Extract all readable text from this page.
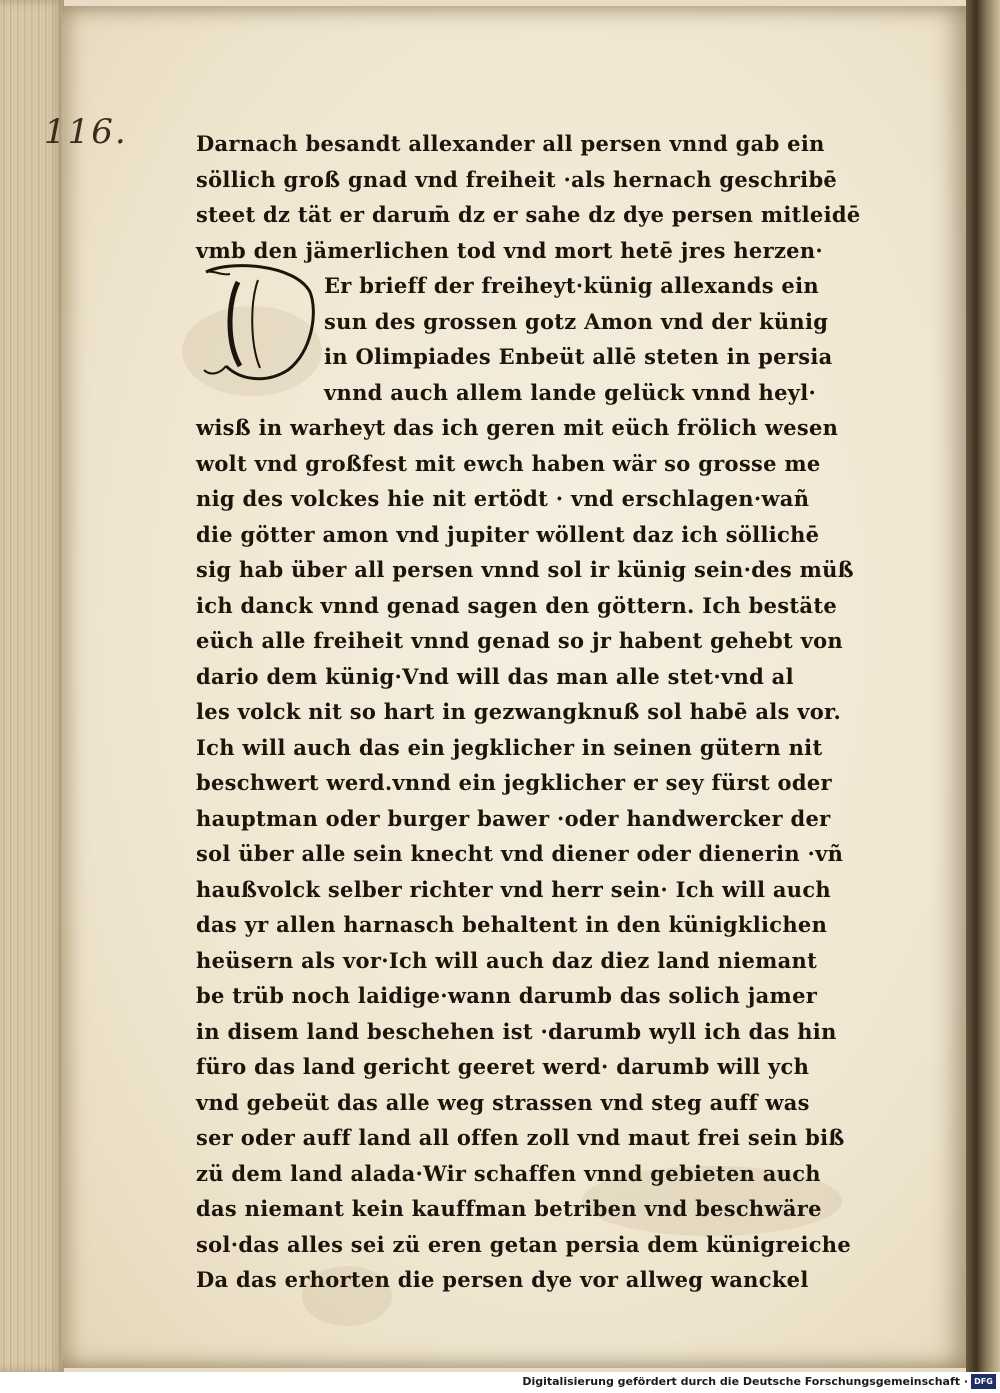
116.	Darnach besandt allexander all persen vnnd gab ein
söllich groß gnad vnd freiheit ·als hernach geschribē
steet dz tät er darum̄ dz er sahe dz dye persen mitleidē
vmb den jämerlichen tod vnd mort hetē jres herzen·
Er brieff der freiheyt·künig allexandѕ ein
sun des grossen gotz Amon vnd der künig
in Olimpiades Enbeüt allē steten in persia
vnnd auch allem lande gelück vnnd heyl·
wisß in warheyt das ich geren mit eüch frölich wesen
wolt vnd großfest mit ewch haben wär so grosse me
nig des volckes hie nit ertödt · vnd erschlagen·wañ
die götter amon vnd jupiter wöllent daz ich söllichē
sig hab über all persen vnnd sol ir künig sein·des müß
ich danck vnnd genad sagen den göttern. Ich bestäte
eüch alle freiheit vnnd genad so jr habent gehebt von
dario dem künig·Vnd will das man alle stet·vnd al
les volck nit so hart in gezwangknuß sol habē als vor.
Ich will auch das ein jegklicher in seinen gütern nit
beschwert werd.vnnd ein jegklicher er sey fürst oder
hauptman oder burger bawer ·oder handwercker der
sol über alle sein knecht vnd diener oder dienerin ·vñ
haußvolck selber richter vnd herr sein· Ich will auch
das yr allen harnasch behaltent in den künigklichen
heüsern als vor·Ich will auch daz diez land niemant
be trüb noch laidige·wann darumb das solich jamer
in disem land beschehen ist ·darumb wyll ich das hin
füro das land gericht geeret werd· darumb will ych
vnd gebeüt das alle weg strassen vnd steg auff was
ser oder auff land all offen zoll vnd maut frei sein biß
zü dem land alada·Wir schaffen vnnd gebieten auch
das niemant kein kauffman betriben vnd beschwäre
sol·das alles sei zü eren getan persia dem künigreiche
Da das erhorten die persen dye vor allweg wanckel
Digitalisierung gefördert durch die Deutsche Forschungsgemeinschaft · DFG
